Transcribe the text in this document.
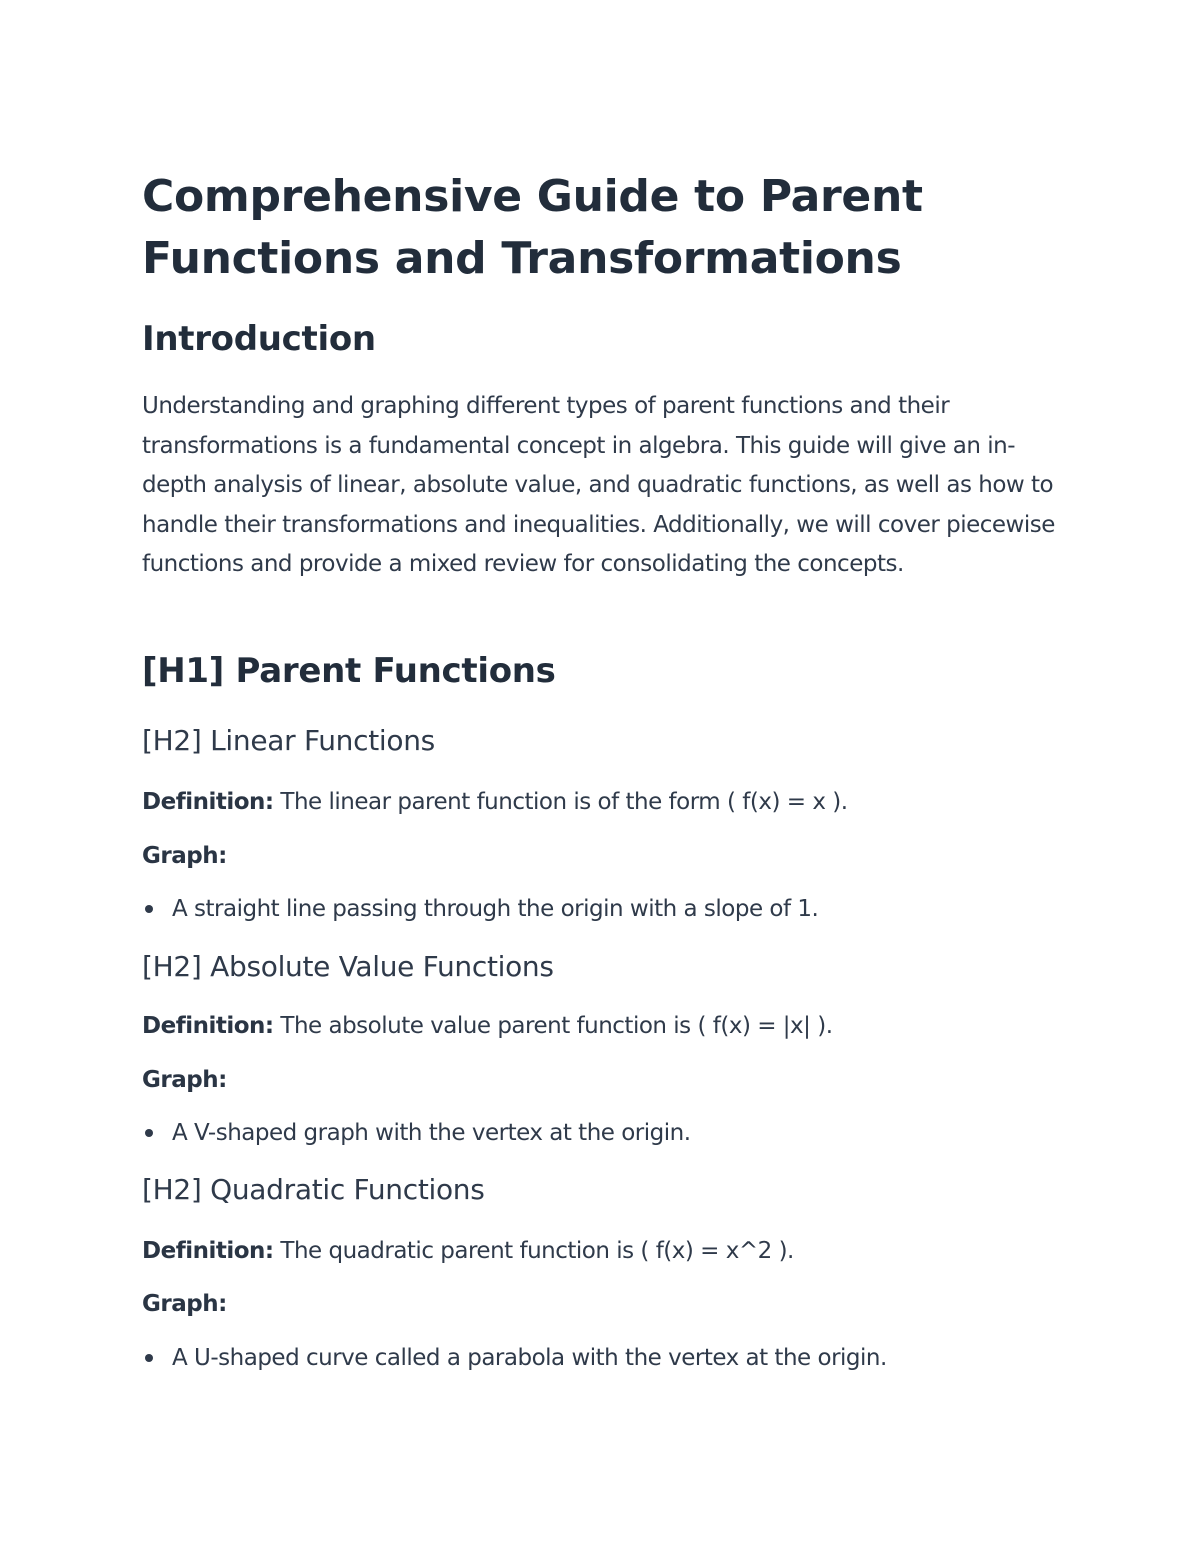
Comprehensive Guide to Parent Functions and Transformations
Introduction

Understanding and graphing different types of parent functions and their transformations is a fundamental concept in algebra. This guide will give an in-depth analysis of linear, absolute value, and quadratic functions, as well as how to handle their transformations and inequalities. Additionally, we will cover piecewise functions and provide a mixed review for consolidating the concepts.

[H1] Parent Functions
[H2] Linear Functions

Definition: The linear parent function is of the form ( f(x) = x ).

Graph:

A straight line passing through the origin with a slope of 1.
[H2] Absolute Value Functions

Definition: The absolute value parent function is ( f(x) = |x| ).

Graph:

A V-shaped graph with the vertex at the origin.
[H2] Quadratic Functions

Definition: The quadratic parent function is ( f(x) = x^2 ).

Graph:

A U-shaped curve called a parabola with the vertex at the origin.
